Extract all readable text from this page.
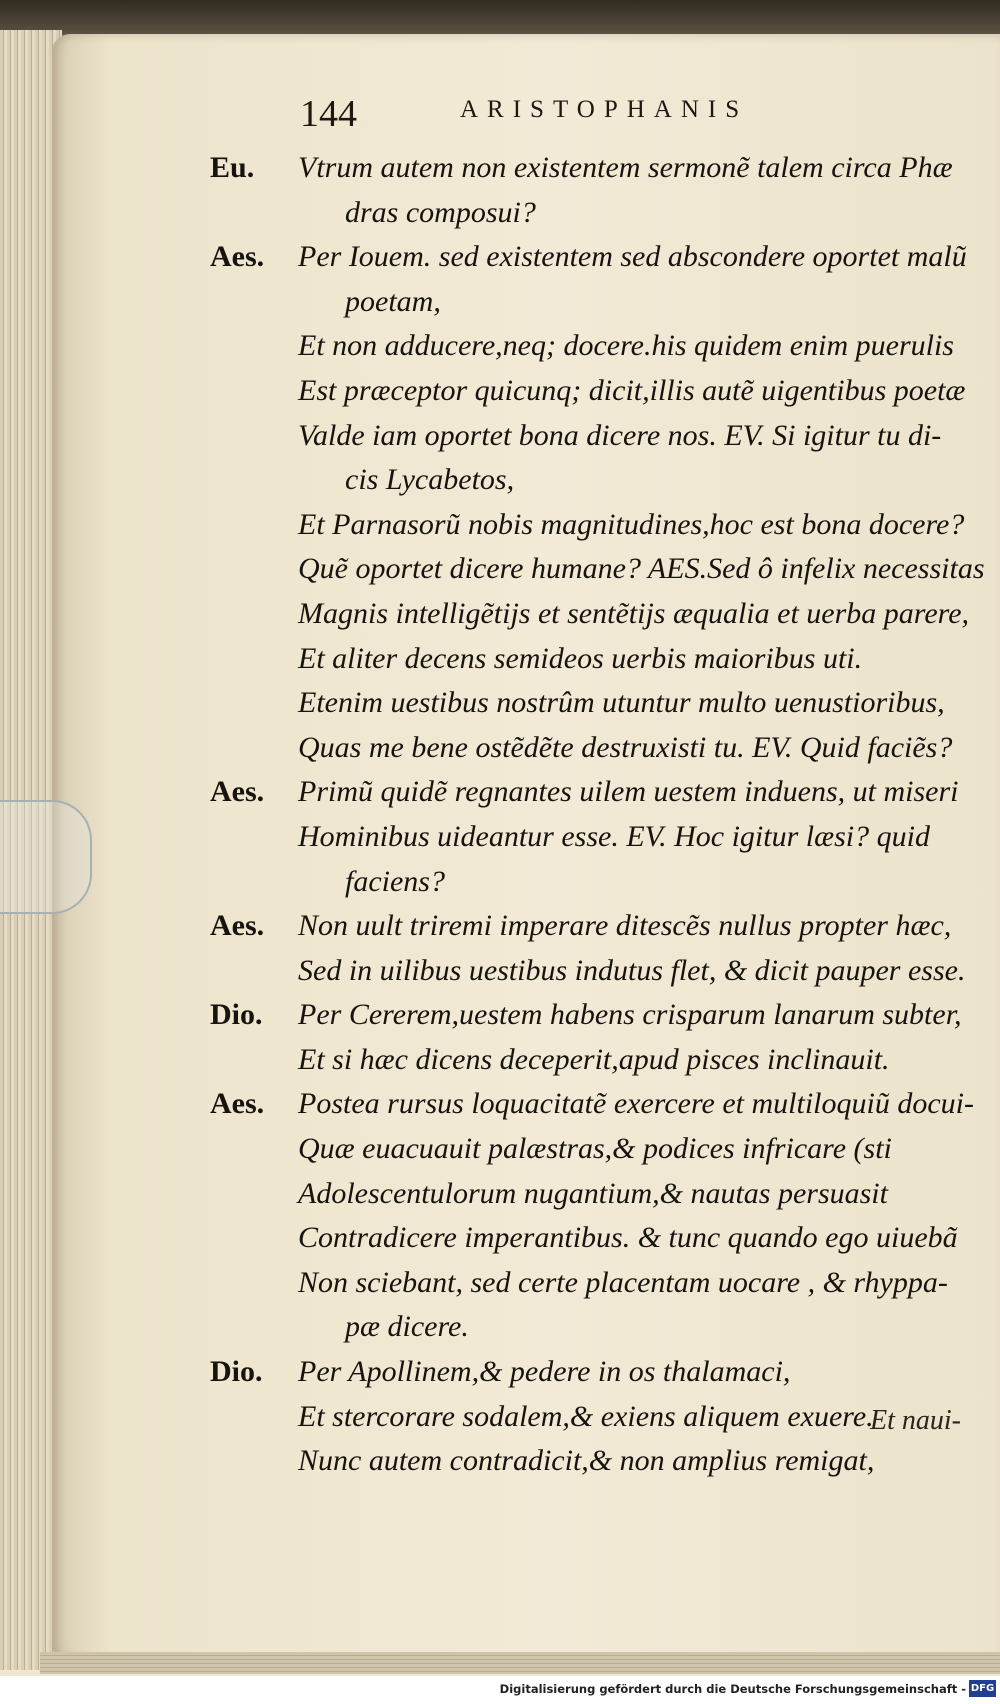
144	ARISTOPHANIS
Eu. Vtrum autem non existentem sermonẽ talem circa Phæ
dras composui?
Aes. Per Iouem. sed existentem sed abscondere oportet malũ
poetam,
Et non adducere,neq; docere.his quidem enim puerulis
Est præceptor quicunq; dicit,illis autẽ uigentibus poetæ
Valde iam oportet bona dicere nos. EV. Si igitur tu di-
cis Lycabetos,
Et Parnasorũ nobis magnitudines,hoc est bona docere?
Quẽ oportet dicere humane? AES.Sed ô infelix necessitas
Magnis intelligẽtijs et sentẽtijs æqualia et uerba parere,
Et aliter decens semideos uerbis maioribus uti.
Etenim uestibus nostrûm utuntur multo uenustioribus,
Quas me bene ostẽdẽte destruxisti tu. EV. Quid faciẽs?
Aes. Primũ quidẽ regnantes uilem uestem induens, ut miseri
Hominibus uideantur esse. EV. Hoc igitur læsi? quid
faciens?
Aes. Non uult triremi imperare ditescẽs nullus propter hæc,
Sed in uilibus uestibus indutus flet, & dicit pauper esse.
Dio. Per Cererem,uestem habens crisparum lanarum subter,
Et si hæc dicens deceperit,apud pisces inclinauit.
Aes. Postea rursus loquacitatẽ exercere et multiloquiũ docui-
Quæ euacuauit palæstras,& podices infricare (sti
Adolescentulorum nugantium,& nautas persuasit
Contradicere imperantibus. & tunc quando ego uiuebã
Non sciebant, sed certe placentam uocare , & rhyppa-
pæ dicere.
Dio. Per Apollinem,& pedere in os thalamaci,
Et stercorare sodalem,& exiens aliquem exuere.
Nunc autem contradicit,& non amplius remigat,
Et naui-
Digitalisierung gefördert durch die Deutsche Forschungsgemeinschaft - DFG
